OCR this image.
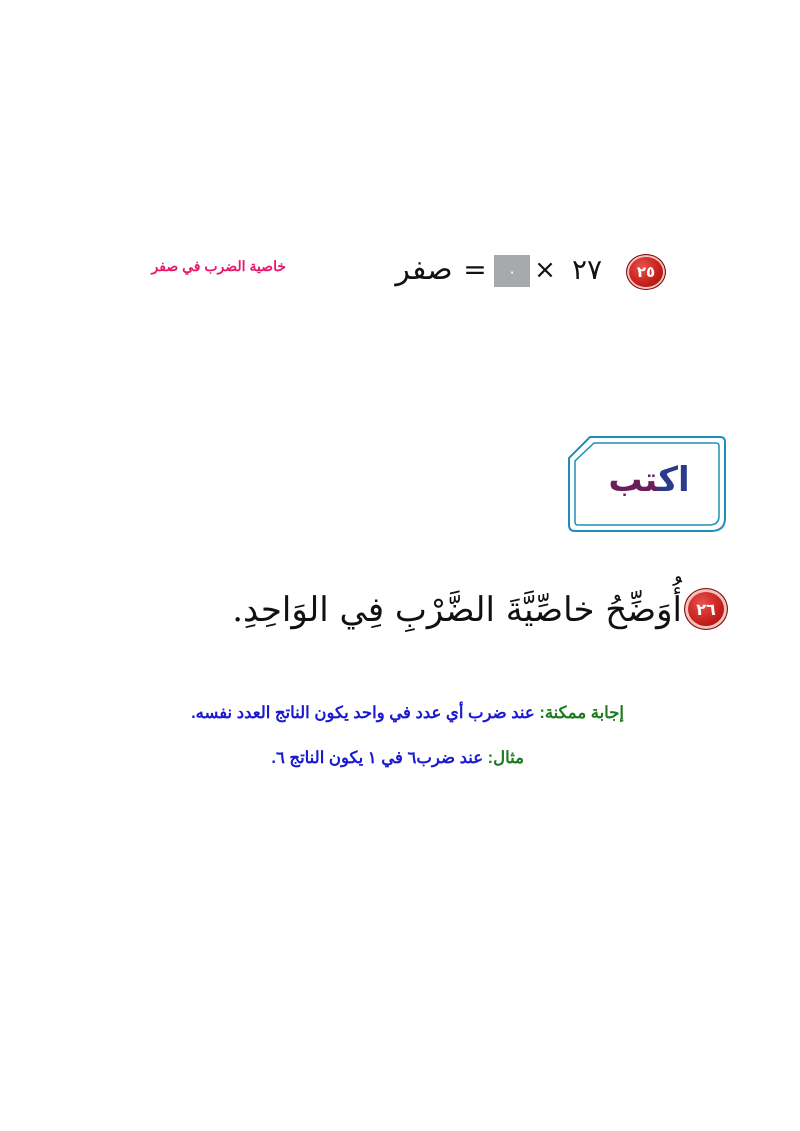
٢٥
٢٧
×
٠
=
صفر
خاصية الضرب في صفر
اكتب
٢٦
أُوَضِّحُ خاصِّيَّةَ الضَّرْبِ فِي الوَاحِدِ.
إجابة ممكنة: عند ضرب أي عدد في واحد يكون الناتج العدد نفسه.
مثال: عند ضرب٦ في ١ يكون الناتج ٦.
